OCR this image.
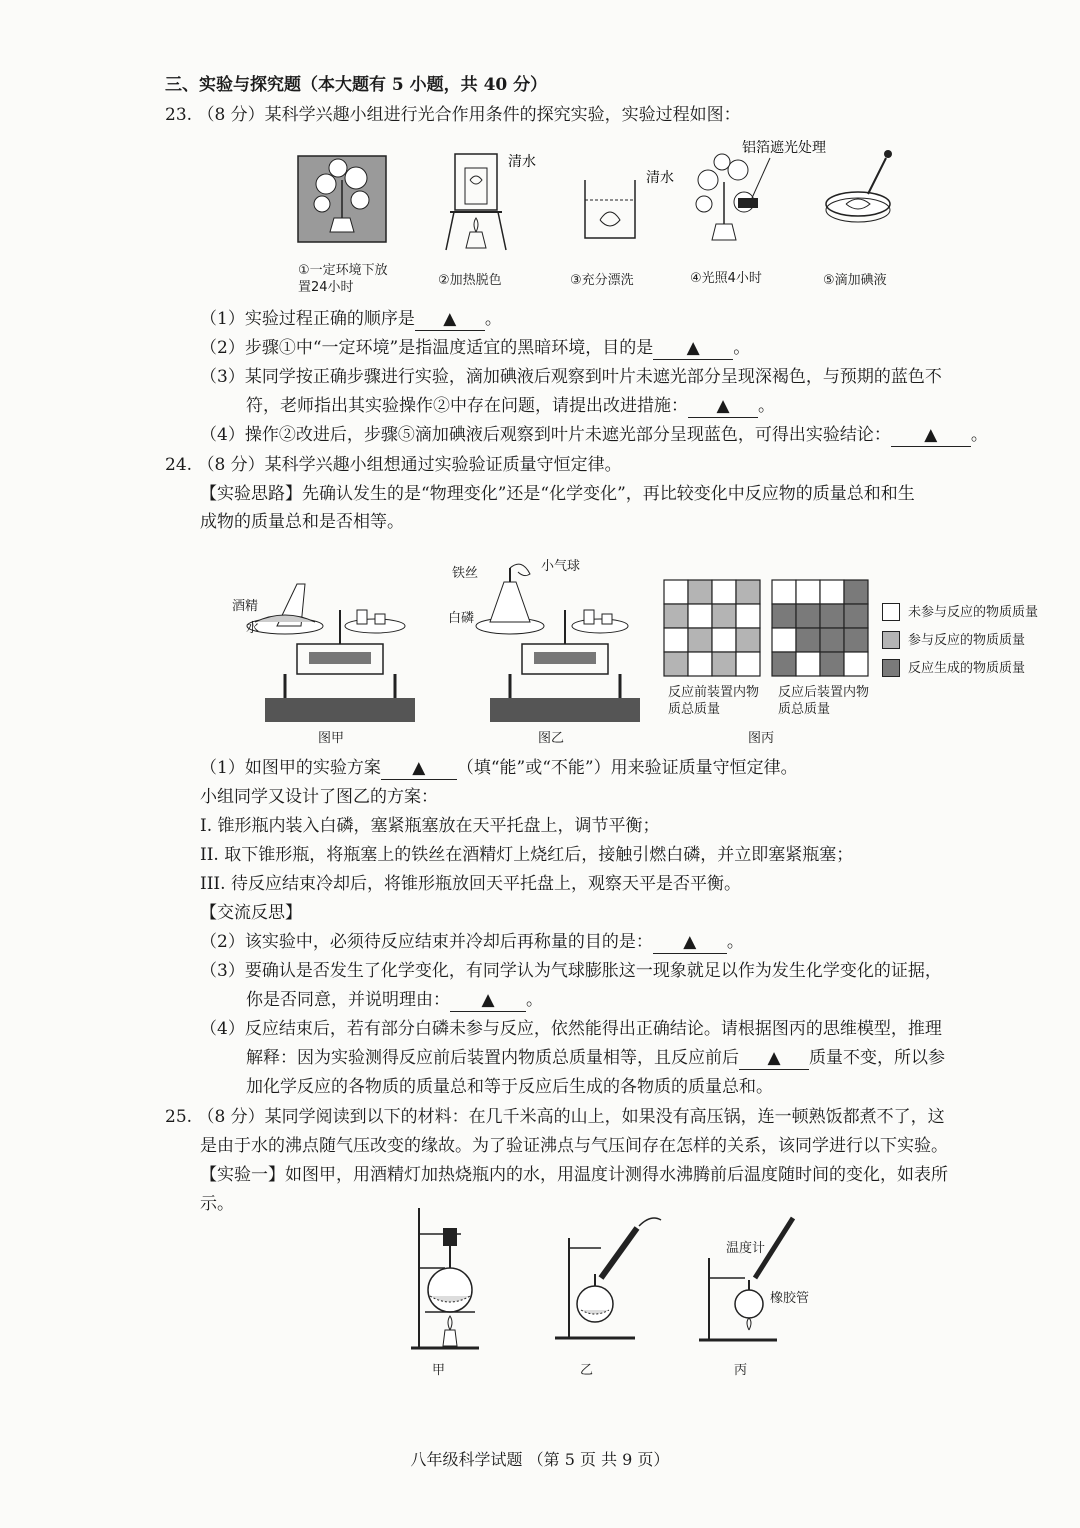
三、实验与探究题（本大题有 5 小题，共 40 分）
23. （8 分）某科学兴趣小组进行光合作用条件的探究实验，实验过程如图：
清水
清水
铝箔遮光处理
①一定环境下放置24小时	②加热脱色	③充分漂洗	④光照4小时	⑤滴加碘液
（1）实验过程正确的顺序是 ▲ 。
（2）步骤①中“一定环境”是指温度适宜的黑暗环境，目的是 ▲ 。
（3）某同学按正确步骤进行实验，滴加碘液后观察到叶片未遮光部分呈现深褐色，与预期的蓝色不
符，老师指出其实验操作②中存在问题，请提出改进措施： ▲ 。
（4）操作②改进后，步骤⑤滴加碘液后观察到叶片未遮光部分呈现蓝色，可得出实验结论： ▲ 。
24. （8 分）某科学兴趣小组想通过实验验证质量守恒定律。
【实验思路】先确认发生的是“物理变化”还是“化学变化”，再比较变化中反应物的质量总和和生
成物的质量总和是否相等。
酒精
水
图甲
铁丝	小气球
白磷
图乙
反应前装置内物质总质量
反应后装置内物质总质量
图丙
未参与反应的物质质量
参与反应的物质质量
反应生成的物质质量
（1）如图甲的实验方案 ▲ （填“能”或“不能”）用来验证质量守恒定律。
小组同学又设计了图乙的方案：
I. 锥形瓶内装入白磷，塞紧瓶塞放在天平托盘上，调节平衡；
II. 取下锥形瓶，将瓶塞上的铁丝在酒精灯上烧红后，接触引燃白磷，并立即塞紧瓶塞；
III. 待反应结束冷却后，将锥形瓶放回天平托盘上，观察天平是否平衡。
【交流反思】
（2）该实验中，必须待反应结束并冷却后再称量的目的是： ▲ 。
（3）要确认是否发生了化学变化，有同学认为气球膨胀这一现象就足以作为发生化学变化的证据，
你是否同意，并说明理由： ▲ 。
（4）反应结束后，若有部分白磷未参与反应，依然能得出正确结论。请根据图丙的思维模型，推理
解释：因为实验测得反应前后装置内物质总质量相等，且反应前后 ▲ 质量不变，所以参
加化学反应的各物质的质量总和等于反应后生成的各物质的质量总和。
25. （8 分）某同学阅读到以下的材料：在几千米高的山上，如果没有高压锅，连一顿熟饭都煮不了，这
是由于水的沸点随气压改变的缘故。为了验证沸点与气压间存在怎样的关系，该同学进行以下实验。
【实验一】如图甲，用酒精灯加热烧瓶内的水，用温度计测得水沸腾前后温度随时间的变化，如表所
示。
温度计
橡胶管
甲	乙	丙
八年级科学试题 （第 5 页 共 9 页）
